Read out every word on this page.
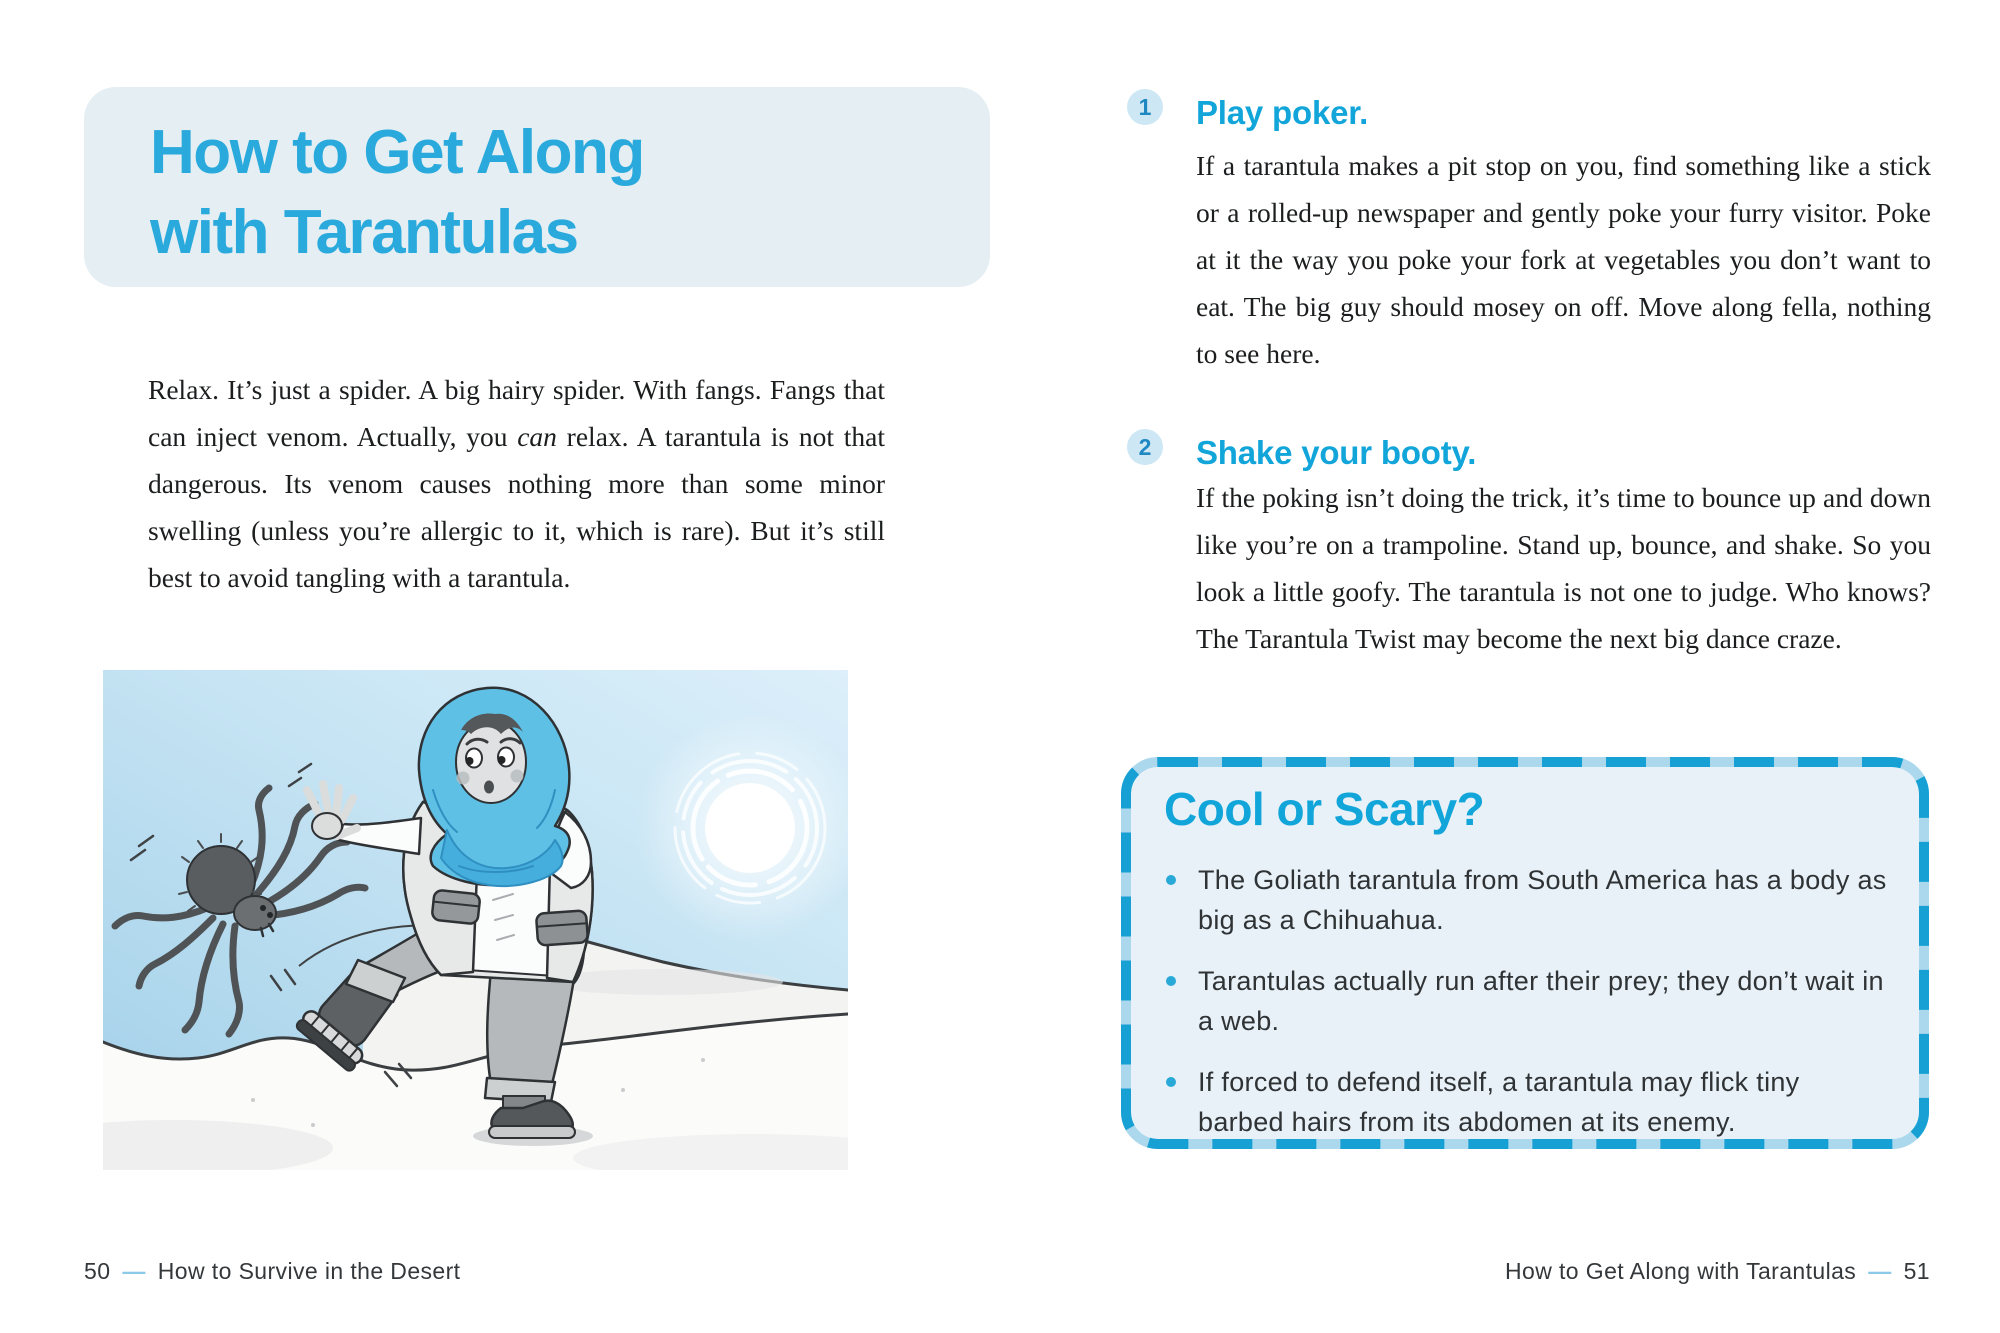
How to Get Along
with Tarantulas

Relax. It’s just a spider. A big hairy spider. With fangs. Fangs that can inject venom. Actually, you can relax. A tarantula is not that dangerous. Its venom causes nothing more than some minor swelling (unless you’re allergic to it, which is rare). But it’s still best to avoid tangling with a tarantula.

50 — How to Survive in the Desert
1 Play poker.

If a tarantula makes a pit stop on you, find something like a stick or a rolled-up newspaper and gently poke your furry visitor. Poke at it the way you poke your fork at vegetables you don’t want to eat. The big guy should mosey on off. Move along fella, nothing to see here.

2 Shake your booty.

If the poking isn’t doing the trick, it’s time to bounce up and down like you’re on a trampoline. Stand up, bounce, and shake. So you look a little goofy. The tarantula is not one to judge. Who knows? The Tarantula Twist may become the next big dance craze.

Cool or Scary?
The Goliath tarantula from South America has a body as big as a Chihuahua.
Tarantulas actually run after their prey; they don’t wait in a web.
If forced to defend itself, a tarantula may flick tiny barbed hairs from its abdomen at its enemy.
How to Get Along with Tarantulas — 51
